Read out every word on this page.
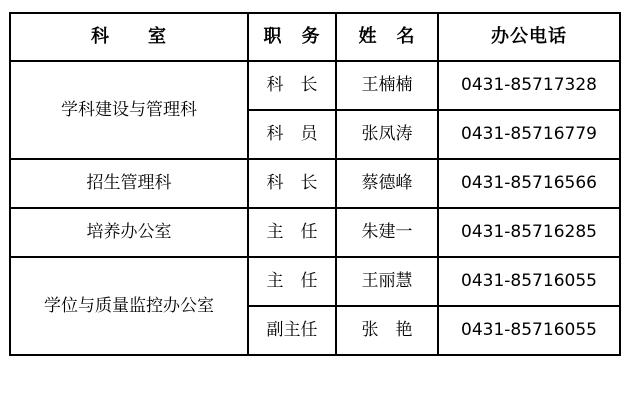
科　　室	职　务	姓　名	办公电话
学科建设与管理科	科　长	王楠楠	0431-85717328
	科　员	张凤涛	0431-85716779
招生管理科	科　长	蔡德峰	0431-85716566
培养办公室	主　任	朱建一	0431-85716285
学位与质量监控办公室	主　任	王丽慧	0431-85716055
	副主任	张　艳	0431-85716055
